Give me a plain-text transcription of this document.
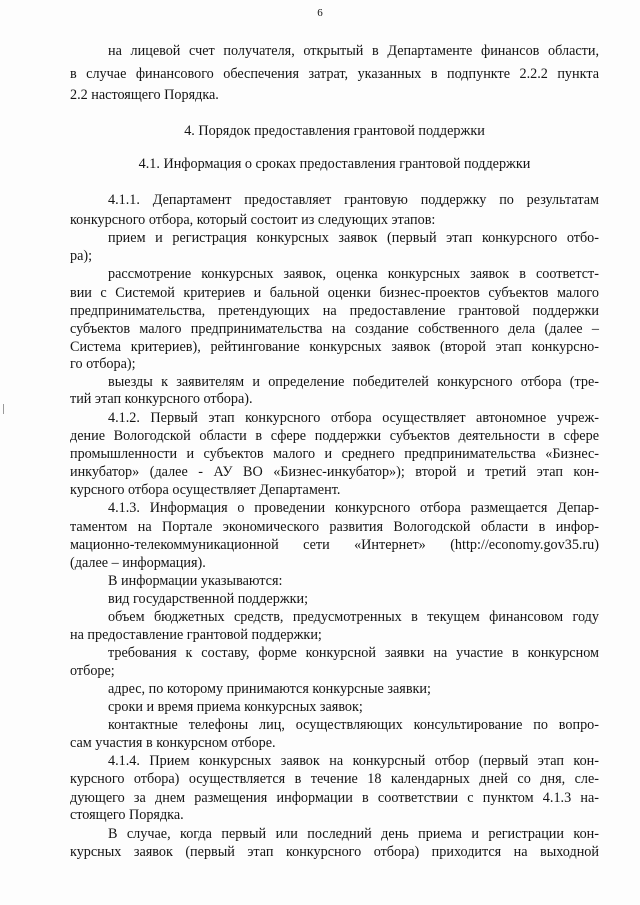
6
на лицевой счет получателя, открытый в Департаменте финансов области,
в случае финансового обеспечения затрат, указанных в подпункте 2.2.2 пункта
2.2 настоящего Порядка.
4. Порядок предоставления грантовой поддержки
4.1. Информация о сроках предоставления грантовой поддержки
4.1.1. Департамент предоставляет грантовую поддержку по результатам
конкурсного отбора, который состоит из следующих этапов:
прием и регистрация конкурсных заявок (первый этап конкурсного отбо-
ра);
рассмотрение конкурсных заявок, оценка конкурсных заявок в соответст-
вии с Системой критериев и бальной оценки бизнес-проектов субъектов малого
предпринимательства, претендующих на предоставление грантовой поддержки
субъектов малого предпринимательства на создание собственного дела (далее –
Система критериев), рейтингование конкурсных заявок (второй этап конкурсно-
го отбора);
выезды к заявителям и определение победителей конкурсного отбора (тре-
тий этап конкурсного отбора).
4.1.2. Первый этап конкурсного отбора осуществляет автономное учреж-
дение Вологодской области в сфере поддержки субъектов деятельности в сфере
промышленности и субъектов малого и среднего предпринимательства «Бизнес-
инкубатор» (далее - АУ ВО «Бизнес-инкубатор»); второй и третий этап кон-
курсного отбора осуществляет Департамент.
4.1.3. Информация о проведении конкурсного отбора размещается Депар-
таментом на Портале экономического развития Вологодской области в инфор-
мационно-телекоммуникационной сети «Интернет» (http://economy.gov35.ru)
(далее – информация).
В информации указываются:
вид государственной поддержки;
объем бюджетных средств, предусмотренных в текущем финансовом году
на предоставление грантовой поддержки;
требования к составу, форме конкурсной заявки на участие в конкурсном
отборе;
адрес, по которому принимаются конкурсные заявки;
сроки и время приема конкурсных заявок;
контактные телефоны лиц, осуществляющих консультирование по вопро-
сам участия в конкурсном отборе.
4.1.4. Прием конкурсных заявок на конкурсный отбор (первый этап кон-
курсного отбора) осуществляется в течение 18 календарных дней со дня, сле-
дующего за днем размещения информации в соответствии с пунктом 4.1.3 на-
стоящего Порядка.
В случае, когда первый или последний день приема и регистрации кон-
курсных заявок (первый этап конкурсного отбора) приходится на выходной
